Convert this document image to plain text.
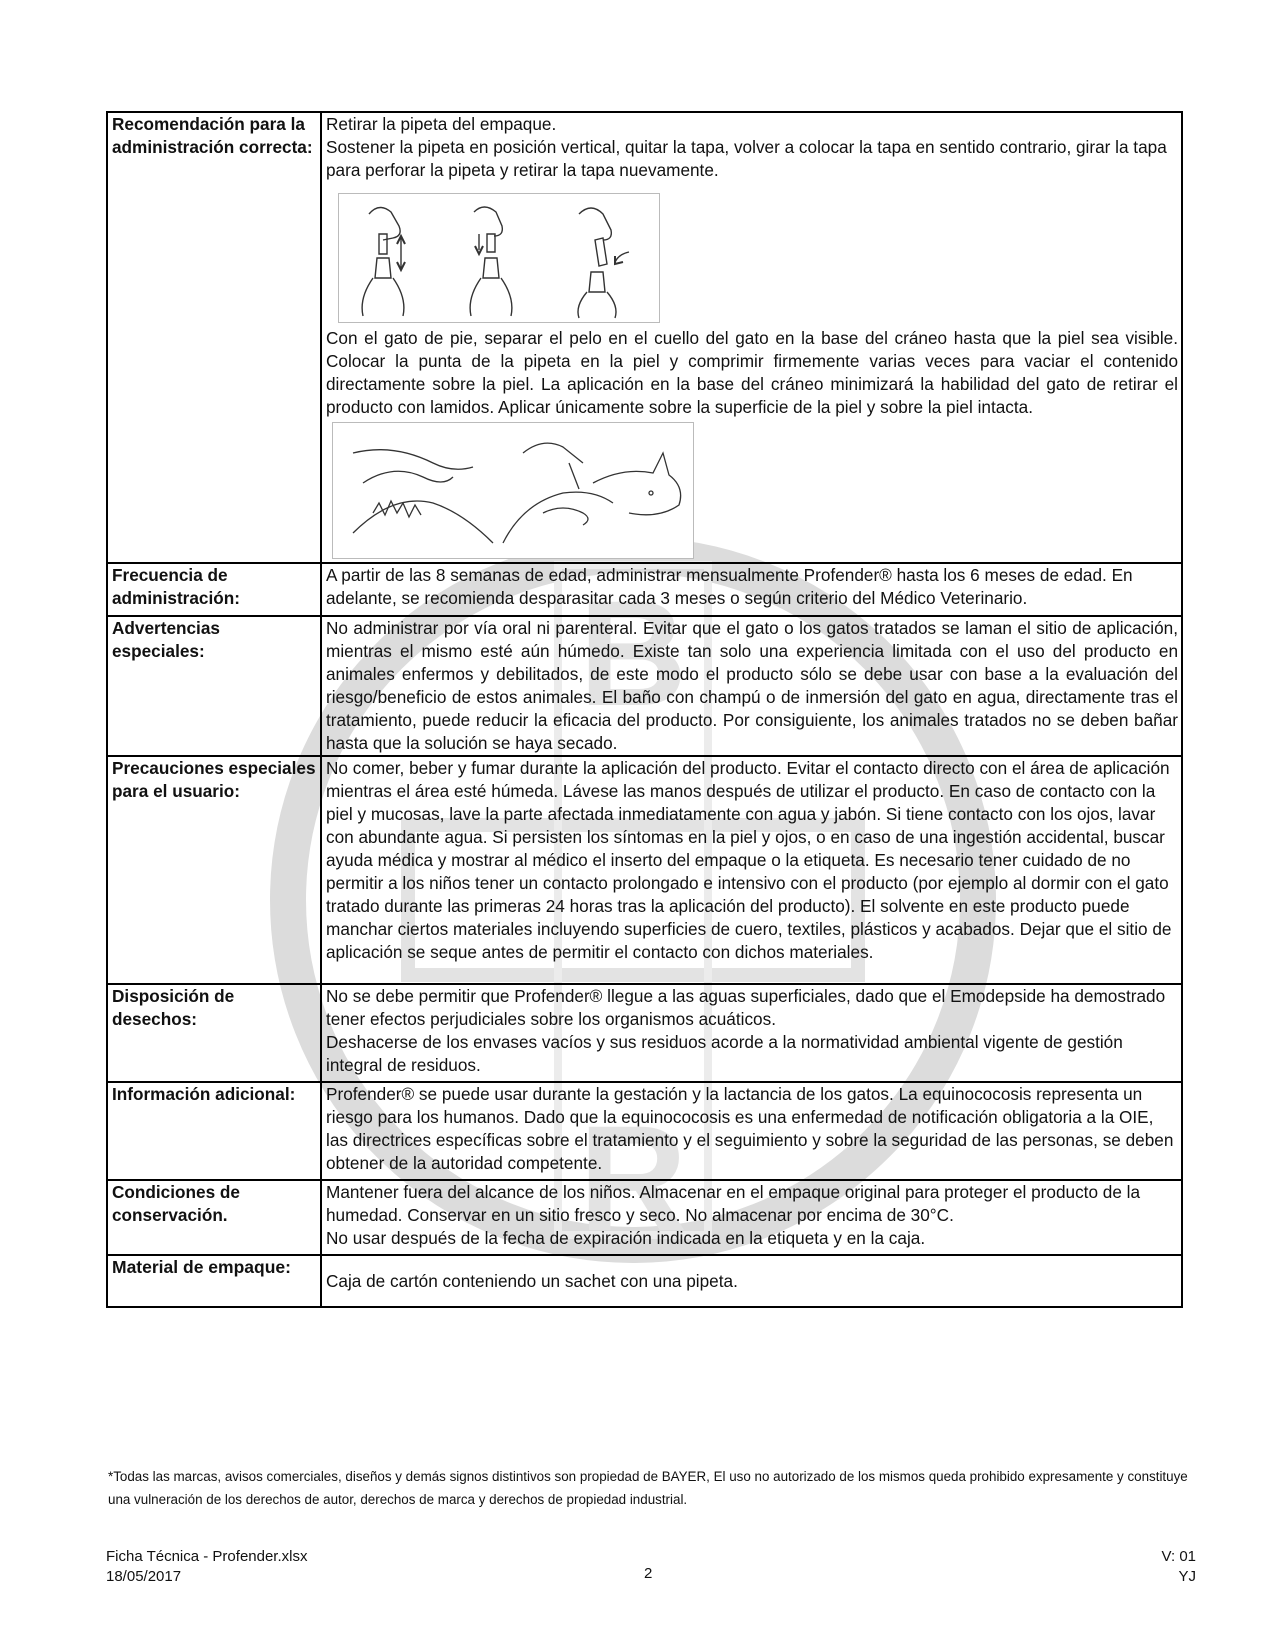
B
R
Recomendación para la administración correcta:	Retirar la pipeta del empaque.

Sostener la pipeta en posición vertical, quitar la tapa, volver a colocar la tapa en sentido contrario, girar la tapa para perforar la pipeta y retirar la tapa nuevamente.

Con el gato de pie, separar el pelo en el cuello del gato en la base del cráneo hasta que la piel sea visible. Colocar la punta de la pipeta en la piel y comprimir firmemente varias veces para vaciar el contenido directamente sobre la piel. La aplicación en la base del cráneo minimizará la habilidad del gato de retirar el producto con lamidos. Aplicar únicamente sobre la superficie de la piel y sobre la piel intacta.

Frecuencia de administración:	A partir de las 8 semanas de edad, administrar mensualmente Profender® hasta los 6 meses de edad. En adelante, se recomienda desparasitar cada 3 meses o según criterio del Médico Veterinario.
Advertencias especiales:	No administrar por vía oral ni parenteral. Evitar que el gato o los gatos tratados se laman el sitio de aplicación, mientras el mismo esté aún húmedo. Existe tan solo una experiencia limitada con el uso del producto en animales enfermos y debilitados, de este modo el producto sólo se debe usar con base a la evaluación del riesgo/beneficio de estos animales. El baño con champú o de inmersión del gato en agua, directamente tras el tratamiento, puede reducir la eficacia del producto. Por consiguiente, los animales tratados no se deben bañar hasta que la solución se haya secado.
Precauciones especiales para el usuario:	No comer, beber y fumar durante la aplicación del producto. Evitar el contacto directo con el área de aplicación mientras el área esté húmeda. Lávese las manos después de utilizar el producto. En caso de contacto con la piel y mucosas, lave la parte afectada inmediatamente con agua y jabón. Si tiene contacto con los ojos, lavar con abundante agua. Si persisten los síntomas en la piel y ojos, o en caso de una ingestión accidental, buscar ayuda médica y mostrar al médico el inserto del empaque o la etiqueta. Es necesario tener cuidado de no permitir a los niños tener un contacto prolongado e intensivo con el producto (por ejemplo al dormir con el gato tratado durante las primeras 24 horas tras la aplicación del producto). El solvente en este producto puede manchar ciertos materiales incluyendo superficies de cuero, textiles, plásticos y acabados. Dejar que el sitio de aplicación se seque antes de permitir el contacto con dichos materiales.
Disposición de desechos:	No se debe permitir que Profender® llegue a las aguas superficiales, dado que el Emodepside ha demostrado tener efectos perjudiciales sobre los organismos acuáticos.

Deshacerse de los envases vacíos y sus residuos acorde a la normatividad ambiental vigente de gestión integral de residuos.

Información adicional:	Profender® se puede usar durante la gestación y la lactancia de los gatos. La equinococosis representa un riesgo para los humanos. Dado que la equinococosis es una enfermedad de notificación obligatoria a la OIE, las directrices específicas sobre el tratamiento y el seguimiento y sobre la seguridad de las personas, se deben obtener de la autoridad competente.
Condiciones de conservación.	Mantener fuera del alcance de los niños. Almacenar en el empaque original para proteger el producto de la humedad. Conservar en un sitio fresco y seco. No almacenar por encima de 30°C.

No usar después de la fecha de expiración indicada en la etiqueta y en la caja.

Material de empaque:	Caja de cartón conteniendo un sachet con una pipeta.
*Todas las marcas, avisos comerciales, diseños y demás signos distintivos son propiedad de BAYER, El uso no autorizado de los mismos queda prohibido expresamente y constituye una vulneración de los derechos de autor, derechos de marca y derechos de propiedad industrial.
Ficha Técnica - Profender.xlsx
18/05/2017	2
V: 01
YJ
